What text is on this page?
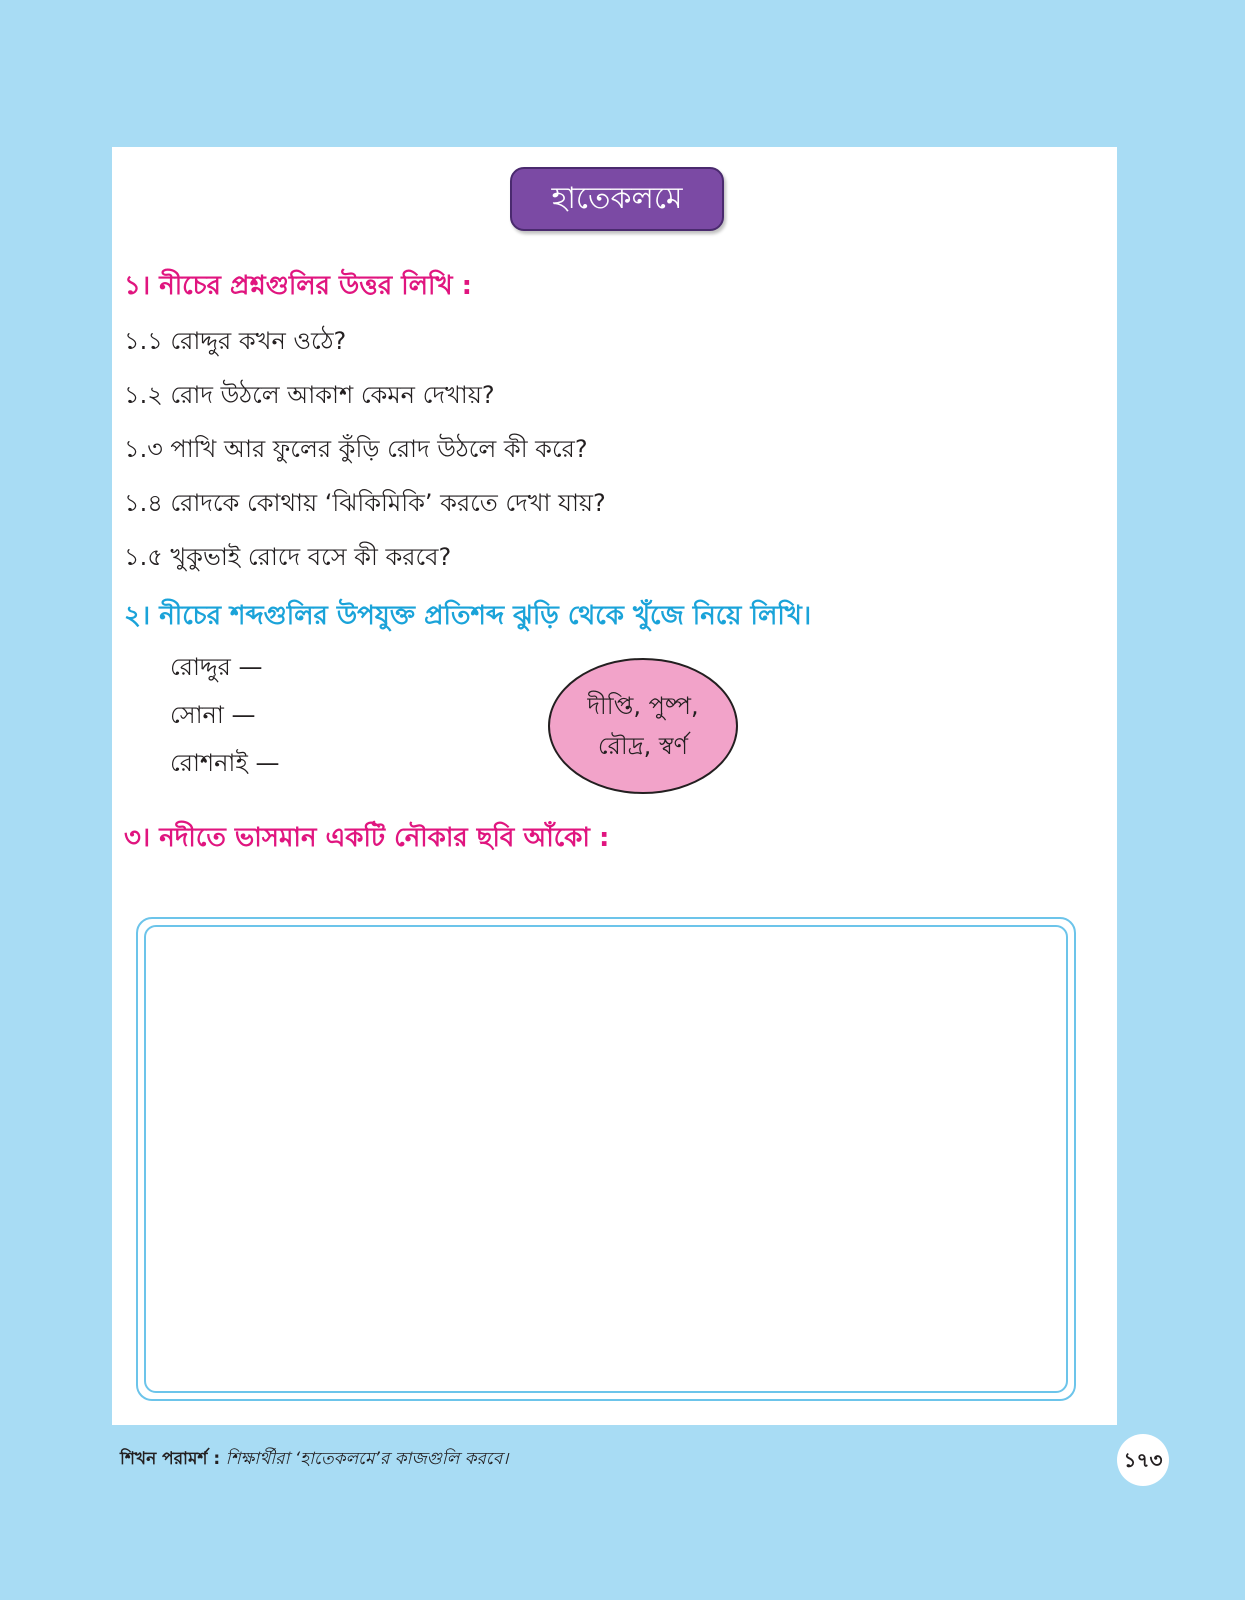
হাতেকলমে
১। নীচের প্রশ্নগুলির উত্তর লিখি :
১.১ রোদ্দুর কখন ওঠে?
১.২ রোদ উঠলে আকাশ কেমন দেখায়?
১.৩ পাখি আর ফুলের কুঁড়ি রোদ উঠলে কী করে?
১.৪ রোদকে কোথায় ‘ঝিকিমিকি’ করতে দেখা যায়?
১.৫ খুকুভাই রোদে বসে কী করবে?
২। নীচের শব্দগুলির উপযুক্ত প্রতিশব্দ ঝুড়ি থেকে খুঁজে নিয়ে লিখি।
রোদ্দুর —
সোনা —
রোশনাই —
দীপ্তি, পুষ্প,
রৌদ্র, স্বর্ণ
৩। নদীতে ভাসমান একটি নৌকার ছবি আঁকো :
শিখন পরামর্শ : শিক্ষার্থীরা ‘হাতেকলমে’র কাজগুলি করবে।	১৭৩
